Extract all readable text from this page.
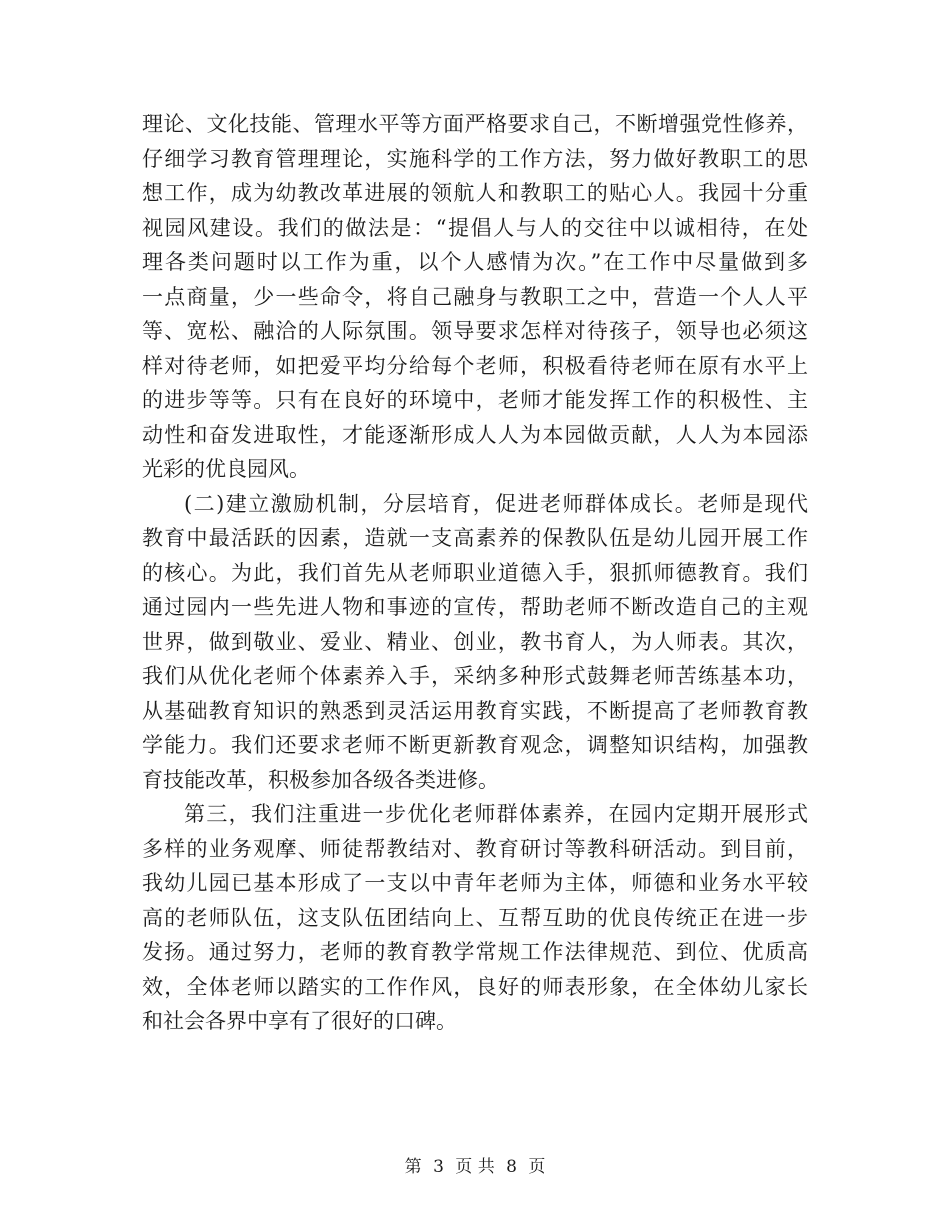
理论、文化技能、管理水平等方面严格要求自己，不断增强党性修养，
仔细学习教育管理理论，实施科学的工作方法，努力做好教职工的思
想工作，成为幼教改革进展的领航人和教职工的贴心人。我园十分重
视园风建设。我们的做法是：“提倡人与人的交往中以诚相待，在处
理各类问题时以工作为重，以个人感情为次。”在工作中尽量做到多
一点商量，少一些命令，将自己融身与教职工之中，营造一个人人平
等、宽松、融洽的人际氛围。领导要求怎样对待孩子，领导也必须这
样对待老师，如把爱平均分给每个老师，积极看待老师在原有水平上
的进步等等。只有在良好的环境中，老师才能发挥工作的积极性、主
动性和奋发进取性，才能逐渐形成人人为本园做贡献，人人为本园添
光彩的优良园风。
(二)建立激励机制，分层培育，促进老师群体成长。老师是现代
教育中最活跃的因素，造就一支高素养的保教队伍是幼儿园开展工作
的核心。为此，我们首先从老师职业道德入手，狠抓师德教育。我们
通过园内一些先进人物和事迹的宣传，帮助老师不断改造自己的主观
世界，做到敬业、爱业、精业、创业，教书育人，为人师表。其次，
我们从优化老师个体素养入手，采纳多种形式鼓舞老师苦练基本功，
从基础教育知识的熟悉到灵活运用教育实践，不断提高了老师教育教
学能力。我们还要求老师不断更新教育观念，调整知识结构，加强教
育技能改革，积极参加各级各类进修。
第三，我们注重进一步优化老师群体素养，在园内定期开展形式
多样的业务观摩、师徒帮教结对、教育研讨等教科研活动。到目前，
我幼儿园已基本形成了一支以中青年老师为主体，师德和业务水平较
高的老师队伍，这支队伍团结向上、互帮互助的优良传统正在进一步
发扬。通过努力，老师的教育教学常规工作法律规范、到位、优质高
效，全体老师以踏实的工作作风，良好的师表形象，在全体幼儿家长
和社会各界中享有了很好的口碑。
第 3 页 共 8 页
